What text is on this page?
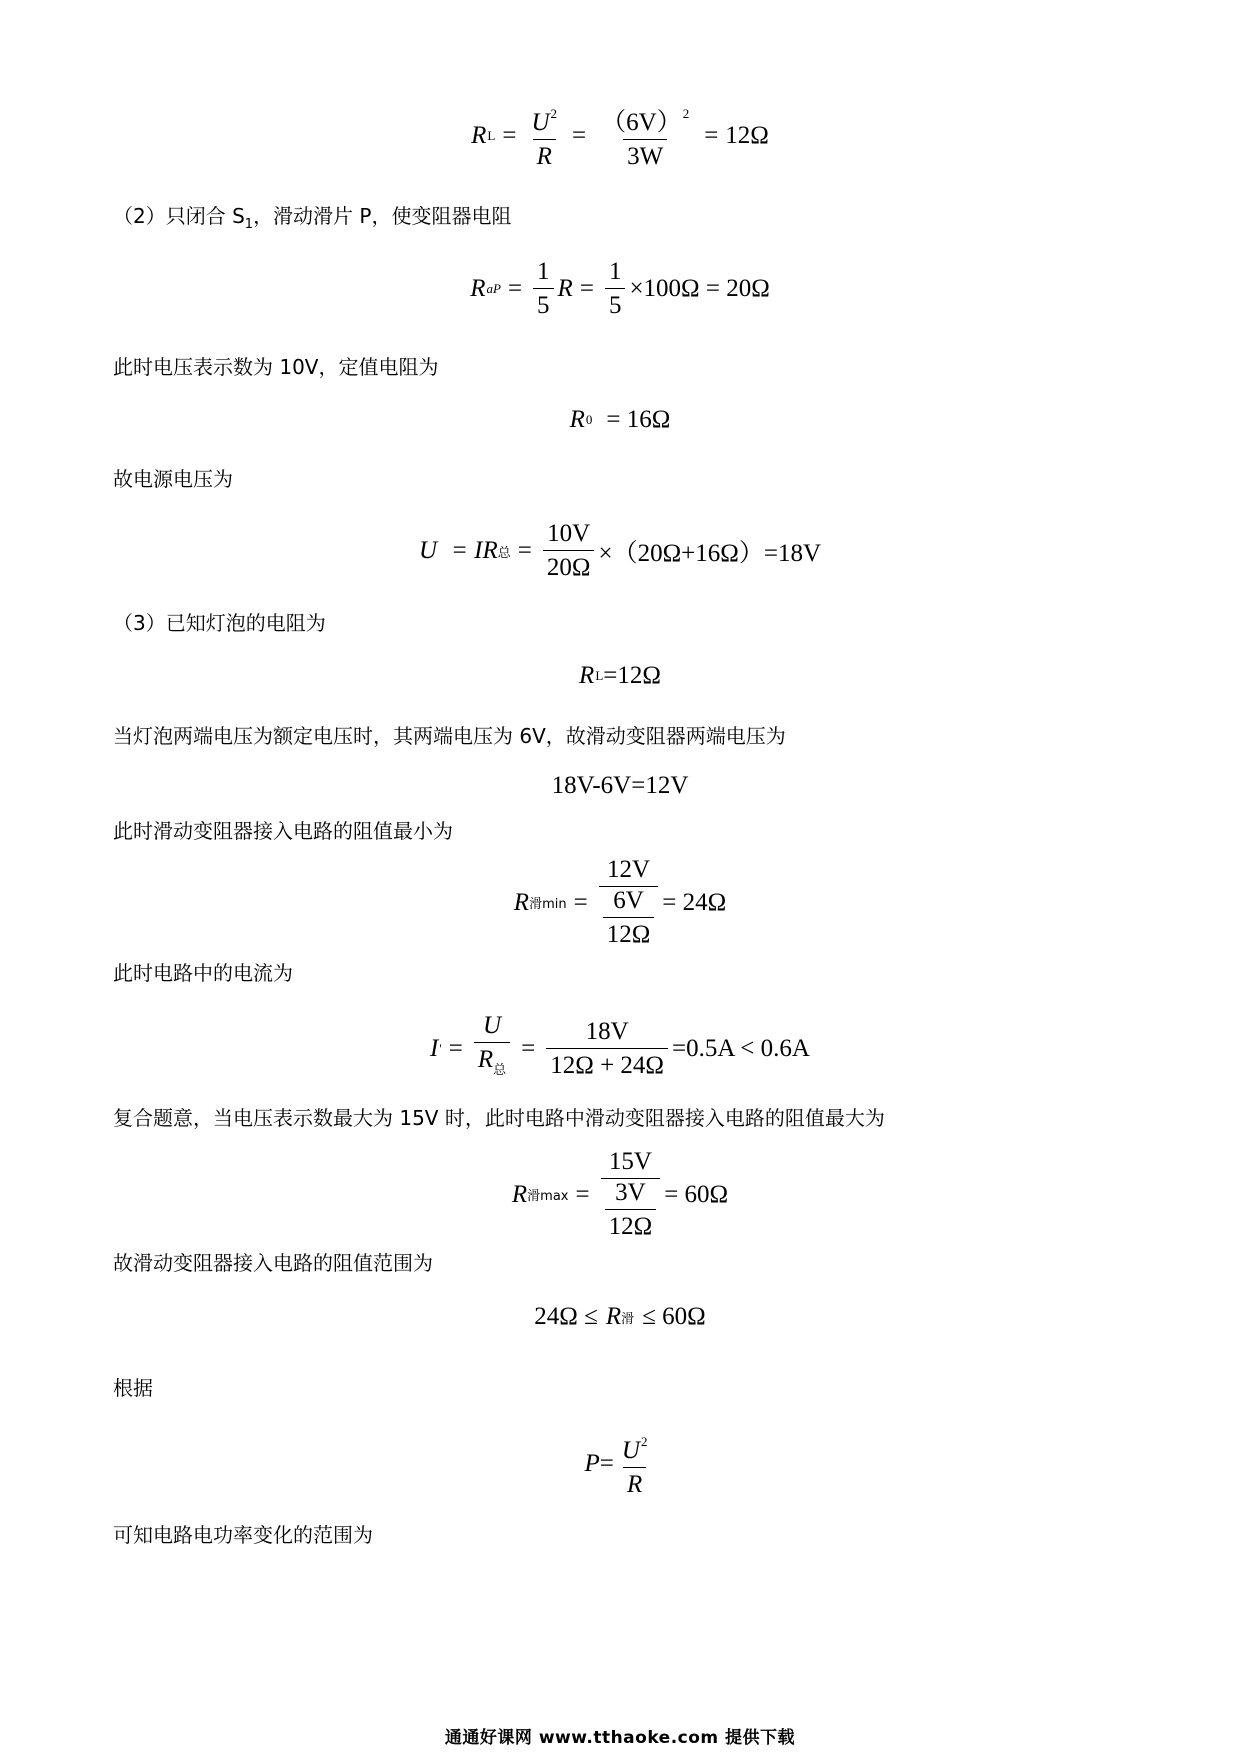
R $L = \frac{U^2}{R} = \frac{(6V)^2}{3W} = 12\Omega$
（2）只闭合 $S_1$，滑动滑片 P，使变阻器电阻
R aP = $\frac{1}{5}$ $R = \frac{1}{5} \times 100\Omega = 20\Omega$
此时电压表示数为 10V，定值电阻为
R 0 = 16Ω
故电源电压为
U = IR 总 = $\frac{10V}{20\Omega} \times(20\Omega+16\Omega)=18V$
（3）已知灯泡的电阻为
R L =12Ω
当灯泡两端电压为额定电压时，其两端电压为 6V，故滑动变阻器两端电压为
18V-6V=12V
此时滑动变阻器接入电路的阻值最小为
R 滑$\min = \frac{12V}{\frac{6V}{12\Omega}} = 24\Omega$
此时电路中的电流为
I ' = $\frac{U}{R_总} = \frac{18V}{12\Omega + 24\Omega} =0.5A < 0.6A$
复合题意，当电压表示数最大为 15V 时，此时电路中滑动变阻器接入电路的阻值最大为
R 滑$\max = \frac{15V}{\frac{3V}{12\Omega}} = 60\Omega$
故滑动变阻器接入电路的阻值范围为
24Ω ≤ R 滑 ≤ 60Ω
根据
$P = \frac{U^2}{R}$
可知电路电功率变化的范围为
通通好课网 www.tthaoke.com 提供下载
